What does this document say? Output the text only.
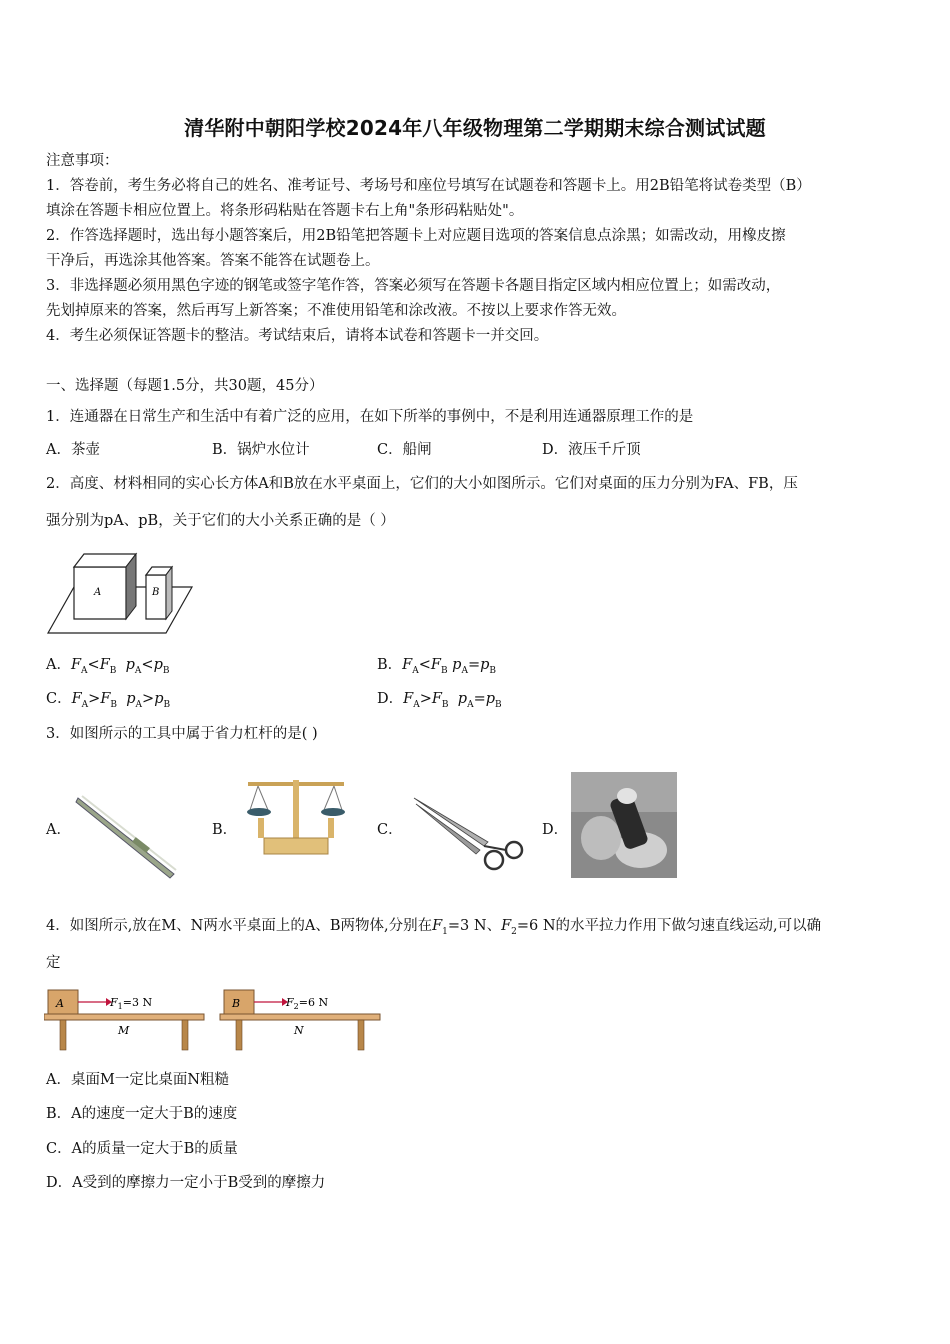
清华附中朝阳学校2024年八年级物理第二学期期末综合测试试题
注意事项：
1．答卷前，考生务必将自己的姓名、准考证号、考场号和座位号填写在试题卷和答题卡上。用2B铅笔将试卷类型（B）
填涂在答题卡相应位置上。将条形码粘贴在答题卡右上角"条形码粘贴处"。
2．作答选择题时，选出每小题答案后，用2B铅笔把答题卡上对应题目选项的答案信息点涂黑；如需改动，用橡皮擦
干净后，再选涂其他答案。答案不能答在试题卷上。
3．非选择题必须用黑色字迹的钢笔或签字笔作答，答案必须写在答题卡各题目指定区域内相应位置上；如需改动，
先划掉原来的答案，然后再写上新答案；不准使用铅笔和涂改液。不按以上要求作答无效。
4．考生必须保证答题卡的整洁。考试结束后，请将本试卷和答题卡一并交回。
一、选择题（每题1.5分，共30题，45分）
1．连通器在日常生产和生活中有着广泛的应用，在如下所举的事例中，不是利用连通器原理工作的是
A．茶壶	B．锅炉水位计	C．船闸	D．液压千斤顶
2．高度、材料相同的实心长方体A和B放在水平桌面上，它们的大小如图所示。它们对桌面的压力分别为FA、FB，压
强分别为pA、pB，关于它们的大小关系正确的是（ ）
A	B
A．$F_A<F_B$ $p_A<p_B$	B．$F_A<F_B$ $p_A=p_B$
C．$F_A>F_B$ $p_A>p_B$	D．$F_A>F_B$ $p_A=p_B$
3．如图所示的工具中属于省力杠杆的是( )
A．	B．	C．	D．
4．如图所示,放在M、N两水平桌面上的A、B两物体,分别在$F_1=3$ N、$F_2=6$ N的水平拉力作用下做匀速直线运动,可以确
定
A	$F_1=3$ N
M
B	$F_2=6$ N
N
A．桌面M一定比桌面N粗糙
B．A的速度一定大于B的速度
C．A的质量一定大于B的质量
D．A受到的摩擦力一定小于B受到的摩擦力
